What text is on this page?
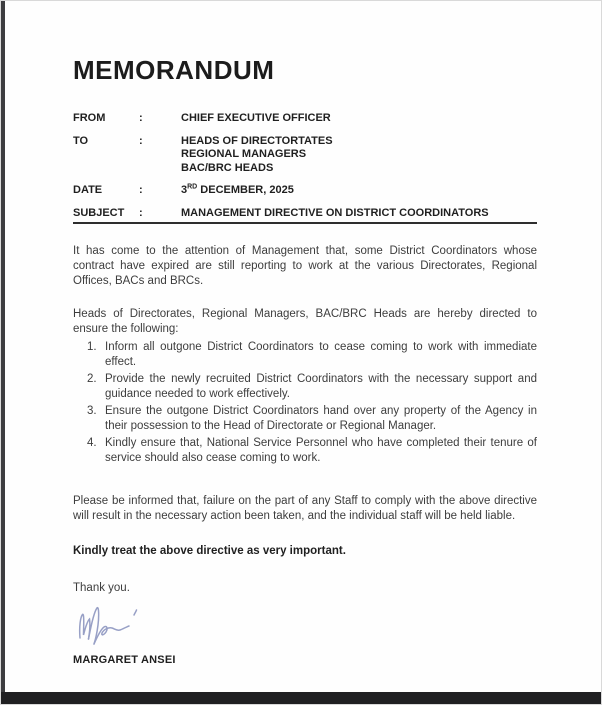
MEMORANDUM
FROM	:	CHIEF EXECUTIVE OFFICER
TO	:	HEADS OF DIRECTORTATES
REGIONAL MANAGERS
BAC/BRC HEADS
DATE	:	3RD DECEMBER, 2025
SUBJECT	:	MANAGEMENT DIRECTIVE ON DISTRICT COORDINATORS

It has come to the attention of Management that, some District Coordinators whose contract have expired are still reporting to work at the various Directorates, Regional Offices, BACs and BRCs.

Heads of Directorates, Regional Managers, BAC/BRC Heads are hereby directed to ensure the following:

1. Inform all outgone District Coordinators to cease coming to work with immediate effect.
2. Provide the newly recruited District Coordinators with the necessary support and guidance needed to work effectively.
3. Ensure the outgone District Coordinators hand over any property of the Agency in their possession to the Head of Directorate or Regional Manager.
4. Kindly ensure that, National Service Personnel who have completed their tenure of service should also cease coming to work.

Please be informed that, failure on the part of any Staff to comply with the above directive will result in the necessary action been taken, and the individual staff will be held liable.

Kindly treat the above directive as very important.

Thank you.

MARGARET ANSEI
